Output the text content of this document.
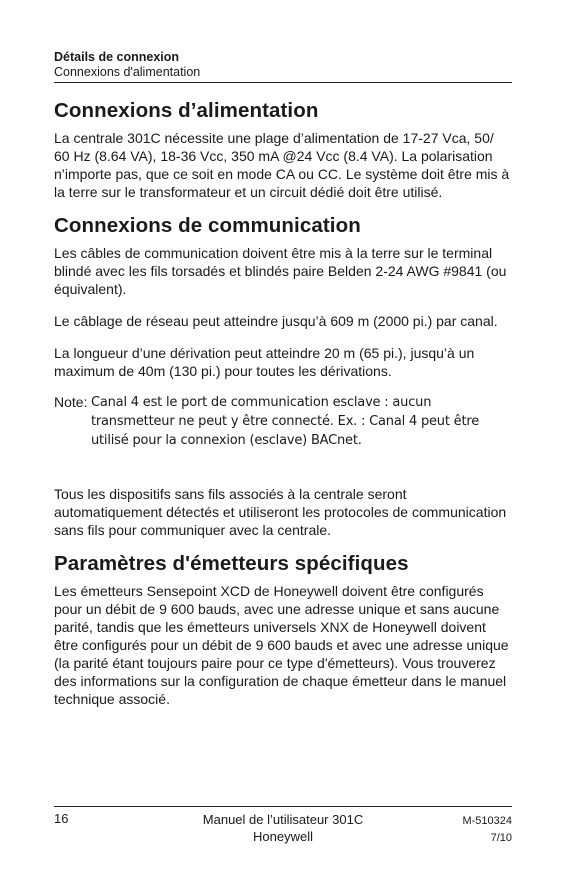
Détails de connexion
Connexions d'alimentation
Connexions d’alimentation

La centrale 301C nécessite une plage d’alimentation de 17-27 Vca, 50/ 60 Hz (8.64 VA), 18-36 Vcc, 350 mA @24 Vcc (8.4 VA). La polarisation n’importe pas, que ce soit en mode CA ou CC. Le système doit être mis à la terre sur le transformateur et un circuit dédié doit être utilisé.

Connexions de communication

Les câbles de communication doivent être mis à la terre sur le terminal blindé avec les fils torsadés et blindés paire Belden 2-24 AWG #9841 (ou équivalent).

Le câblage de réseau peut atteindre jusqu’à 609 m (2000 pi.) par canal.

La longueur d’une dérivation peut atteindre 20 m (65 pi.), jusqu’à un maximum de 40m (130 pi.) pour toutes les dérivations.

Note: Canal 4 est le port de communication esclave : aucun transmetteur ne peut y être connecté. Ex. : Canal 4 peut être utilisé pour la connexion (esclave) BACnet.

Tous les dispositifs sans fils associés à la centrale seront automatiquement détectés et utiliseront les protocoles de communication sans fils pour communiquer avec la centrale.

Paramètres d'émetteurs spécifiques

Les émetteurs Sensepoint XCD de Honeywell doivent être configurés pour un débit de 9 600 bauds, avec une adresse unique et sans aucune parité, tandis que les émetteurs universels XNX de Honeywell doivent être configurés pour un débit de 9 600 bauds et avec une adresse unique (la parité étant toujours paire pour ce type d'émetteurs). Vous trouverez des informations sur la configuration de chaque émetteur dans le manuel technique associé.

16	Manuel de l’utilisateur 301C
Honeywell
M-510324
7/10
